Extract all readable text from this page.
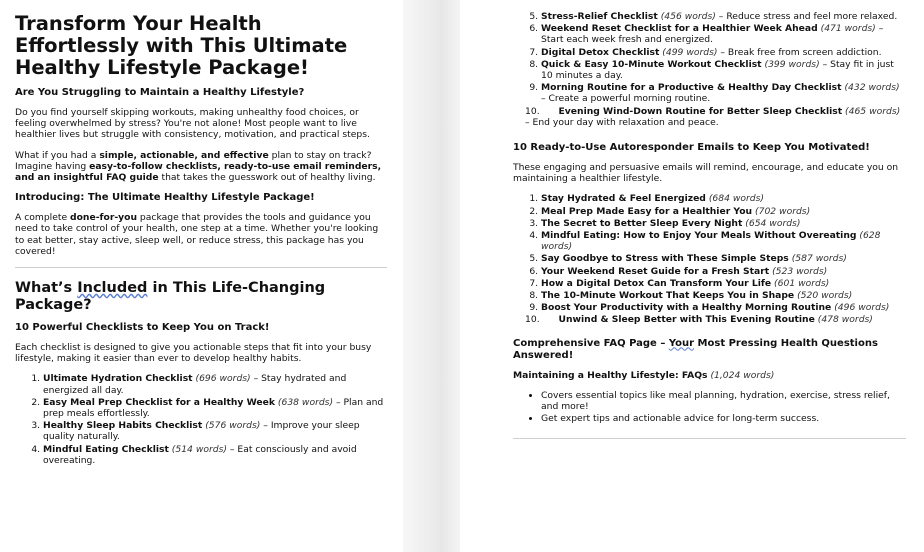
Transform Your Health Effortlessly with This Ultimate Healthy Lifestyle Package!
Are You Struggling to Maintain a Healthy Lifestyle?

Do you find yourself skipping workouts, making unhealthy food choices, or feeling overwhelmed by stress? You're not alone! Most people want to live healthier lives but struggle with consistency, motivation, and practical steps.

What if you had a simple, actionable, and effective plan to stay on track? Imagine having easy-to-follow checklists, ready-to-use email reminders, and an insightful FAQ guide that takes the guesswork out of healthy living.

Introducing: The Ultimate Healthy Lifestyle Package!

A complete done-for-you package that provides the tools and guidance you need to take control of your health, one step at a time. Whether you're looking to eat better, stay active, sleep well, or reduce stress, this package has you covered!

What’s Included in This Life-Changing Package?
10 Powerful Checklists to Keep You on Track!

Each checklist is designed to give you actionable steps that fit into your busy lifestyle, making it easier than ever to develop healthy habits.

1. Ultimate Hydration Checklist (696 words) – Stay hydrated and energized all day.
2. Easy Meal Prep Checklist for a Healthy Week (638 words) – Plan and prep meals effortlessly.
3. Healthy Sleep Habits Checklist (576 words) – Improve your sleep quality naturally.
4. Mindful Eating Checklist (514 words) – Eat consciously and avoid overeating.
5. Stress-Relief Checklist (456 words) – Reduce stress and feel more relaxed.
6. Weekend Reset Checklist for a Healthier Week Ahead (471 words) – Start each week fresh and energized.
7. Digital Detox Checklist (499 words) – Break free from screen addiction.
8. Quick & Easy 10-Minute Workout Checklist (399 words) – Stay fit in just 10 minutes a day.
9. Morning Routine for a Productive & Healthy Day Checklist (432 words) – Create a powerful morning routine.
10. Evening Wind-Down Routine for Better Sleep Checklist (465 words) – End your day with relaxation and peace.
10 Ready-to-Use Autoresponder Emails to Keep You Motivated!

These engaging and persuasive emails will remind, encourage, and educate you on maintaining a healthier lifestyle.

1. Stay Hydrated & Feel Energized (684 words)
2. Meal Prep Made Easy for a Healthier You (702 words)
3. The Secret to Better Sleep Every Night (654 words)
4. Mindful Eating: How to Enjoy Your Meals Without Overeating (628 words)
5. Say Goodbye to Stress with These Simple Steps (587 words)
6. Your Weekend Reset Guide for a Fresh Start (523 words)
7. How a Digital Detox Can Transform Your Life (601 words)
8. The 10-Minute Workout That Keeps You in Shape (520 words)
9. Boost Your Productivity with a Healthy Morning Routine (496 words)
10. Unwind & Sleep Better with This Evening Routine (478 words)
Comprehensive FAQ Page – Your Most Pressing Health Questions Answered!

Maintaining a Healthy Lifestyle: FAQs (1,024 words)

• Covers essential topics like meal planning, hydration, exercise, stress relief, and more!
• Get expert tips and actionable advice for long-term success.
